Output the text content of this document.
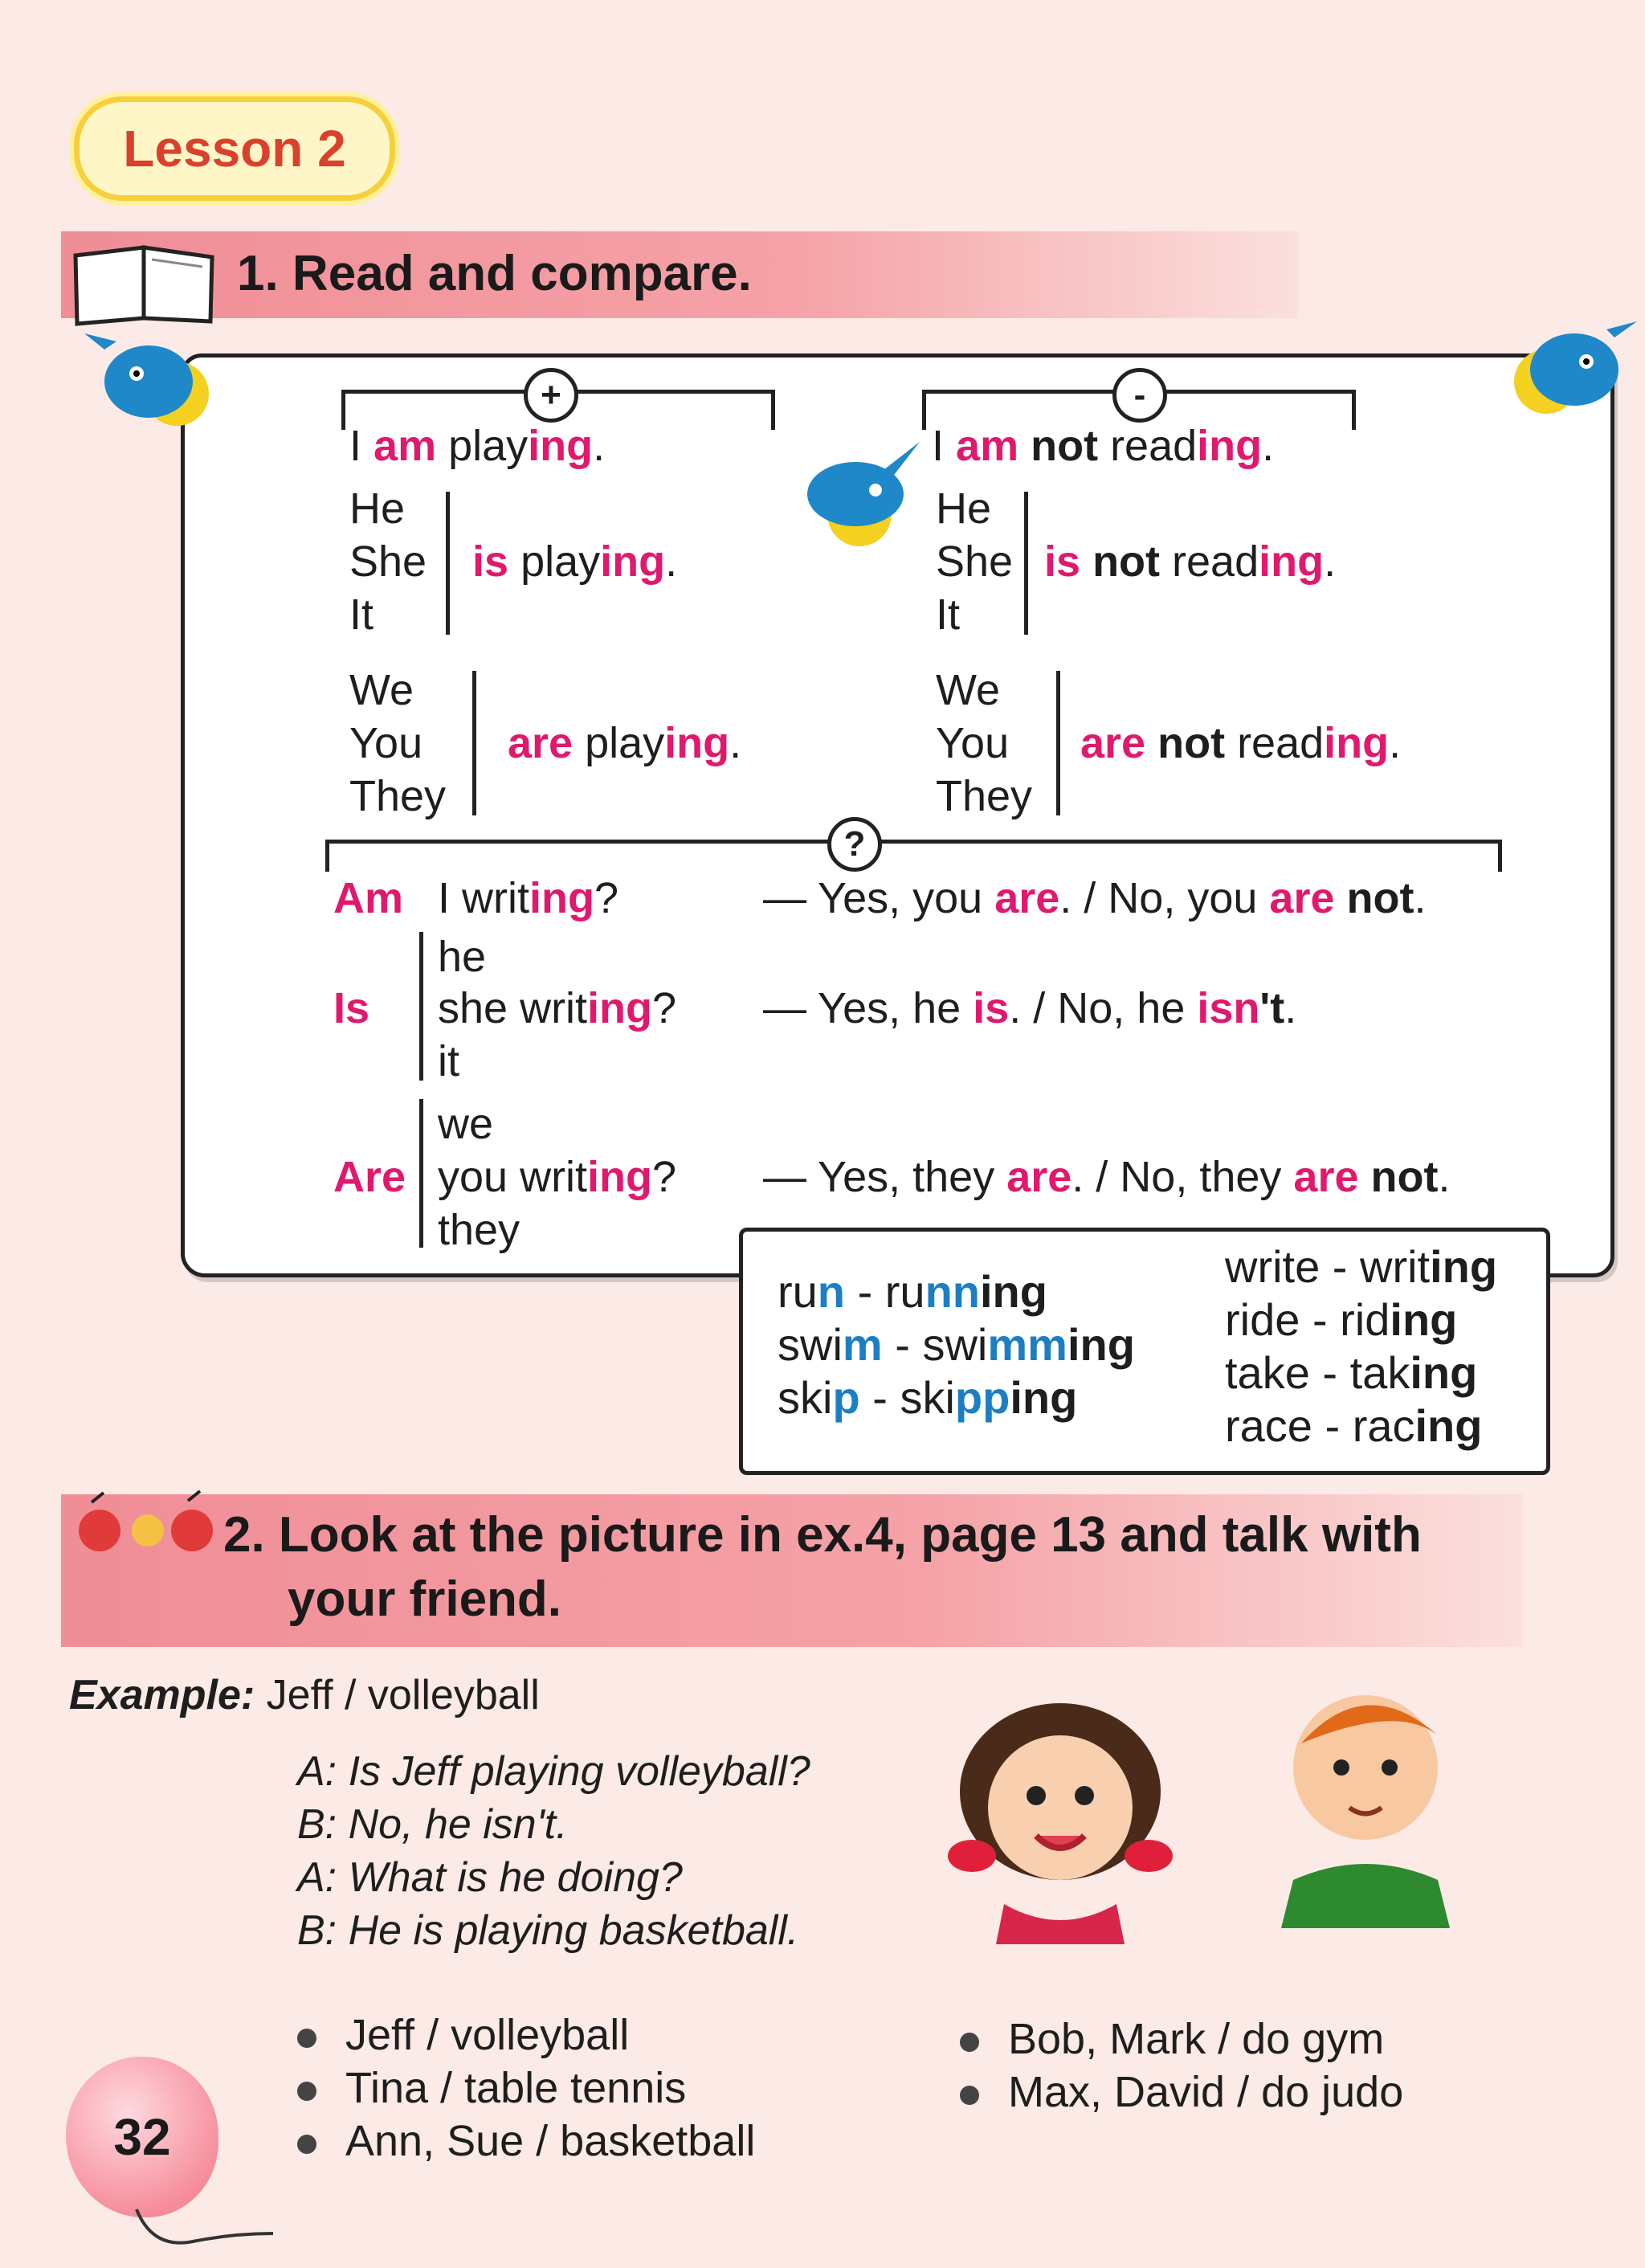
Lesson 2
1. Read and compare.
+	-
I am playing.
He
She
It
is playing.
We
You
They
are playing.
I am not reading.
He
She
It
is not reading.
We
You
They
are not reading.
?
Am I writing?	— Yes, you are. / No, you are not.
he
Is she writing?
it
— Yes, he is. / No, he isn't.
we
Are you writing?
they
— Yes, they are. / No, they are not.
run - running
swim - swimming
skip - skipping
write - writing
ride - riding
take - taking
race - racing
2. Look at the picture in ex.4, page 13 and talk with
your friend.
Example: Jeff / volleyball
A: Is Jeff playing volleyball?
B: No, he isn't.
A: What is he doing?
B: He is playing basketball.
Jeff / volleyball
Tina / table tennis
Ann, Sue / basketball
Bob, Mark / do gym
Max, David / do judo
32
